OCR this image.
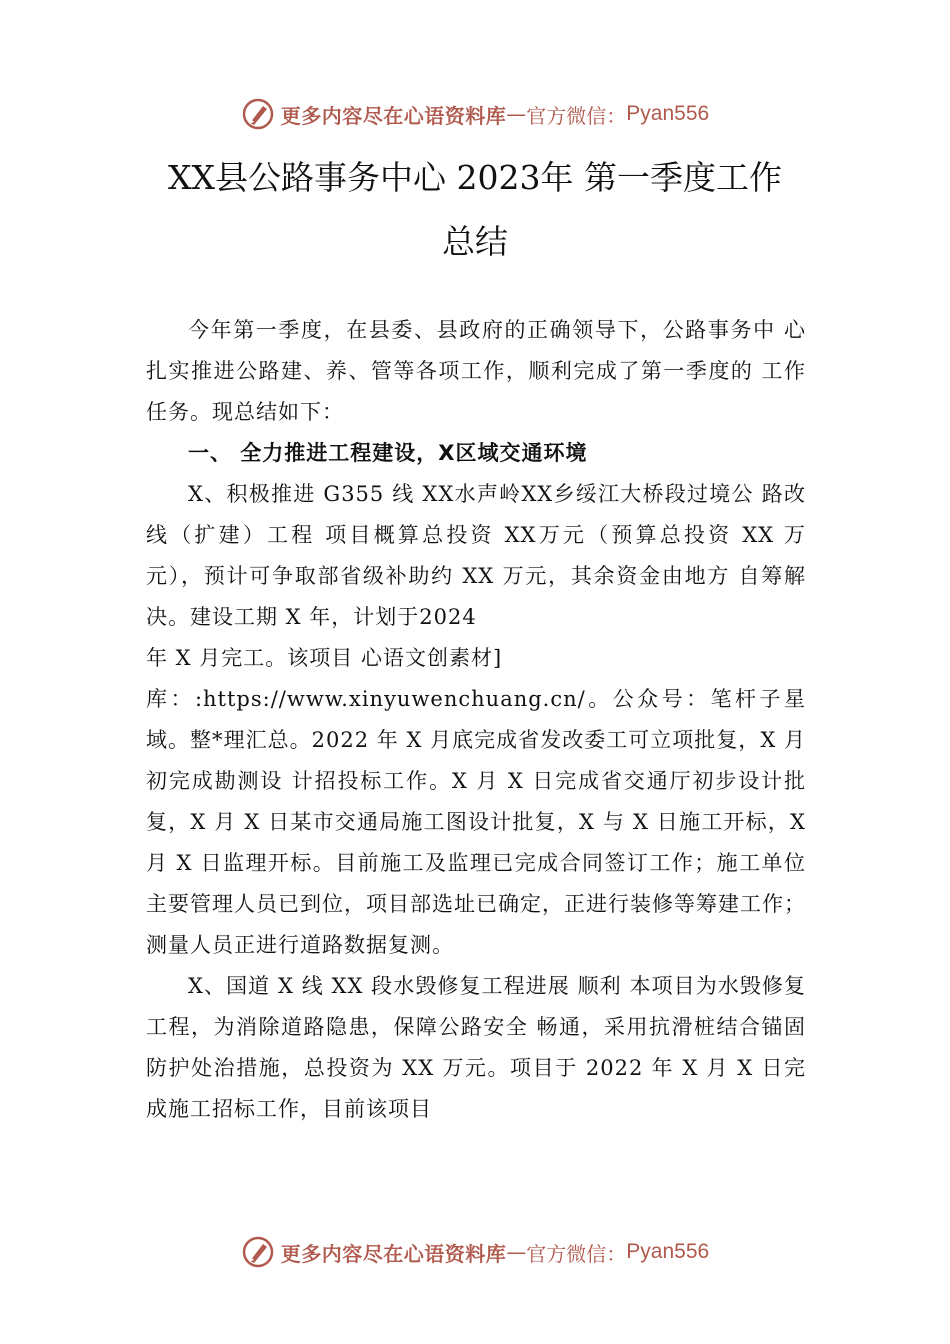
更多内容尽在心语资料库 — 官方微信： Pyan556
XX县公路事务中心 2023年 第一季度工作
总结

今年第一季度，在县委、县政府的正确领导下，公路事务中 心扎实推进公路建、养、管等各项工作，顺利完成了第一季度的 工作任务。现总结如下：

一、 全力推进工程建设，X区域交通环境

X、积极推进 G355 线 XX水声岭XX乡绥江大桥段过境公 路改线（扩建）工程 项目概算总投资 XX万元（预算总投资 XX 万 元），预计可争取部省级补助约 XX 万元，其余资金由地方 自筹解决。建设工期 X 年，计划于2024

年 X 月完工。该项目 心语文创素材]

库：:https://www.xinyuwenchuang.cn/。公众号：笔杆子星域。整*理汇总。2022 年 X 月底完成省发改委工可立项批复，X 月初完成勘测设 计招投标工作。X 月 X 日完成省交通厅初步设计批复，X 月 X 日某市交通局施工图设计批复，X 与 X 日施工开标，X 月 X 日监理开标。目前施工及监理已完成合同签订工作；施工单位主要管理人员已到位，项目部选址已确定，正进行装修等筹建工作；测量人员正进行道路数据复测。

X、国道 X 线 XX 段水毁修复工程进展 顺利 本项目为水毁修复工程，为消除道路隐患，保障公路安全 畅通，采用抗滑桩结合锚固防护处治措施，总投资为 XX 万元。项目于 2022 年 X 月 X 日完成施工招标工作，目前该项目

更多内容尽在心语资料库 — 官方微信： Pyan556
